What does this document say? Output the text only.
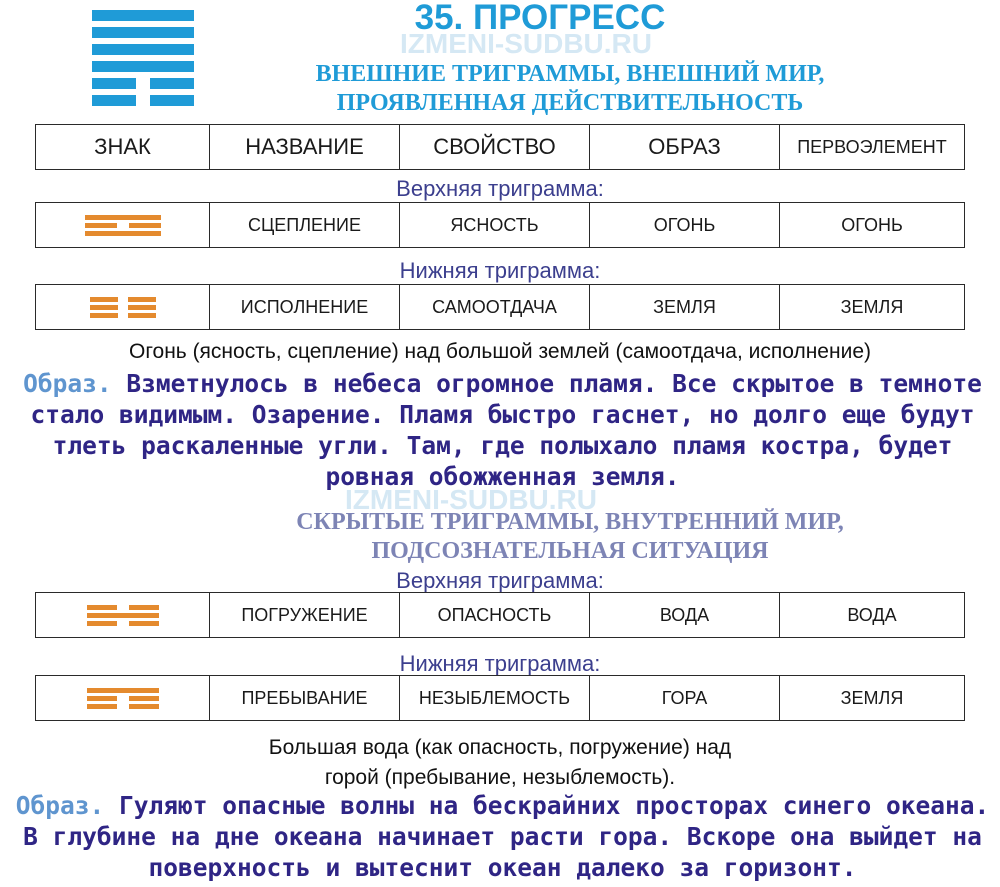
IZMENI-SUDBU.RU
35. ПРОГРЕСС
ВНЕШНИЕ ТРИГРАММЫ, ВНЕШНИЙ МИР,
ПРОЯВЛЕННАЯ ДЕЙСТВИТЕЛЬНОСТЬ
ЗНАК	НАЗВАНИЕ	СВОЙСТВО	ОБРАЗ	ПЕРВОЭЛЕМЕНТ
Верхняя триграмма:
	СЦЕПЛЕНИЕ	ЯСНОСТЬ	ОГОНЬ	ОГОНЬ
Нижняя триграмма:
	ИСПОЛНЕНИЕ	САМООТДАЧА	ЗЕМЛЯ	ЗЕМЛЯ
Огонь (ясность, сцепление) над большой землей (самоотдача, исполнение)
Образ. Взметнулось в небеса огромное пламя. Все скрытое в темноте стало видимым. Озарение. Пламя быстро гаснет, но долго еще будут тлеть раскаленные угли. Там, где полыхало пламя костра, будет ровная обожженная земля.
IZMENI-SUDBU.RU
СКРЫТЫЕ ТРИГРАММЫ, ВНУТРЕННИЙ МИР,
ПОДСОЗНАТЕЛЬНАЯ СИТУАЦИЯ
Верхняя триграмма:
	ПОГРУЖЕНИЕ	ОПАСНОСТЬ	ВОДА	ВОДА
Нижняя триграмма:
	ПРЕБЫВАНИЕ	НЕЗЫБЛЕМОСТЬ	ГОРА	ЗЕМЛЯ
Большая вода (как опасность, погружение) над
горой (пребывание, незыблемость).
Образ. Гуляют опасные волны на бескрайних просторах синего океана. В глубине на дне океана начинает расти гора. Вскоре она выйдет на поверхность и вытеснит океан далеко за горизонт.
